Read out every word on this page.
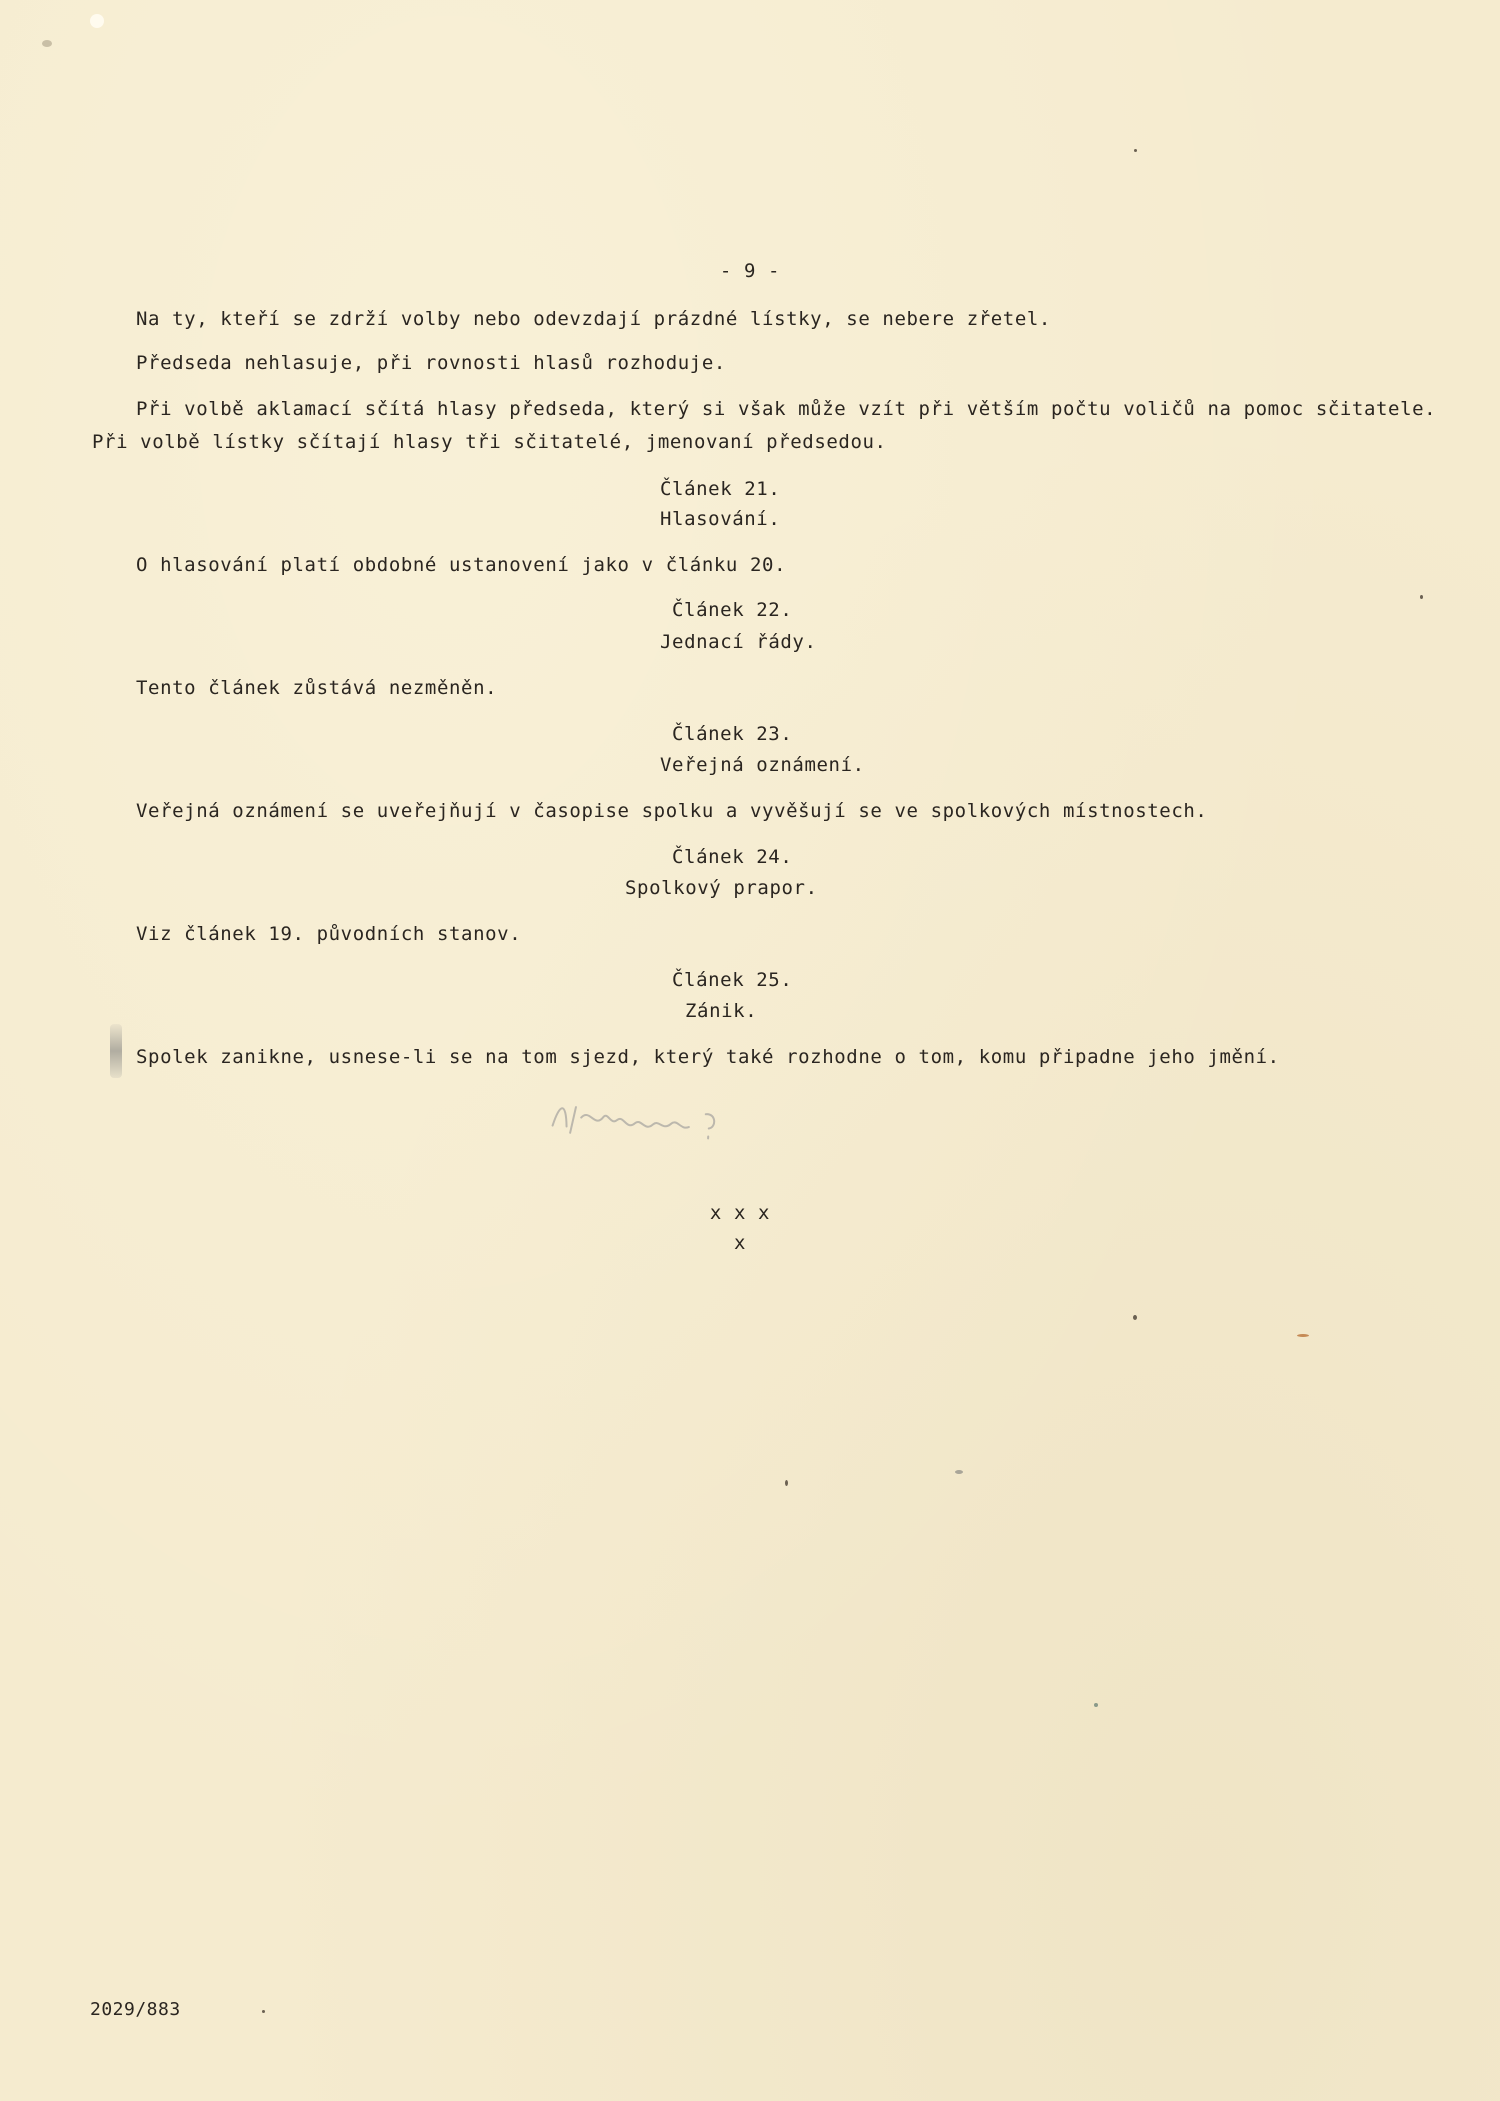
- 9 -
Na ty, kteří se zdrží volby nebo odevzdají prázdné lístky, se nebere zřetel.
Předseda nehlasuje, při rovnosti hlasů rozhoduje.
Při volbě aklamací sčítá hlasy předseda, který si však může vzít při větším počtu voličů na pomoc sčitatele.
Při volbě lístky sčítají hlasy tři sčitatelé, jmenovaní předsedou.
Článek 21.
Hlasování.
O hlasování platí obdobné ustanovení jako v článku 20.
Článek 22.
Jednací řády.
Tento článek zůstává nezměněn.
Článek 23.
Veřejná oznámení.
Veřejná oznámení se uveřejňují v časopise spolku a vyvěšují se ve spolkových místnostech.
Článek 24.
Spolkový prapor.
Viz článek 19. původních stanov.
Článek 25.
Zánik.
Spolek zanikne, usnese-li se na tom sjezd, který také rozhodne o tom, komu připadne jeho jmění.
x x x
x
2029/883
